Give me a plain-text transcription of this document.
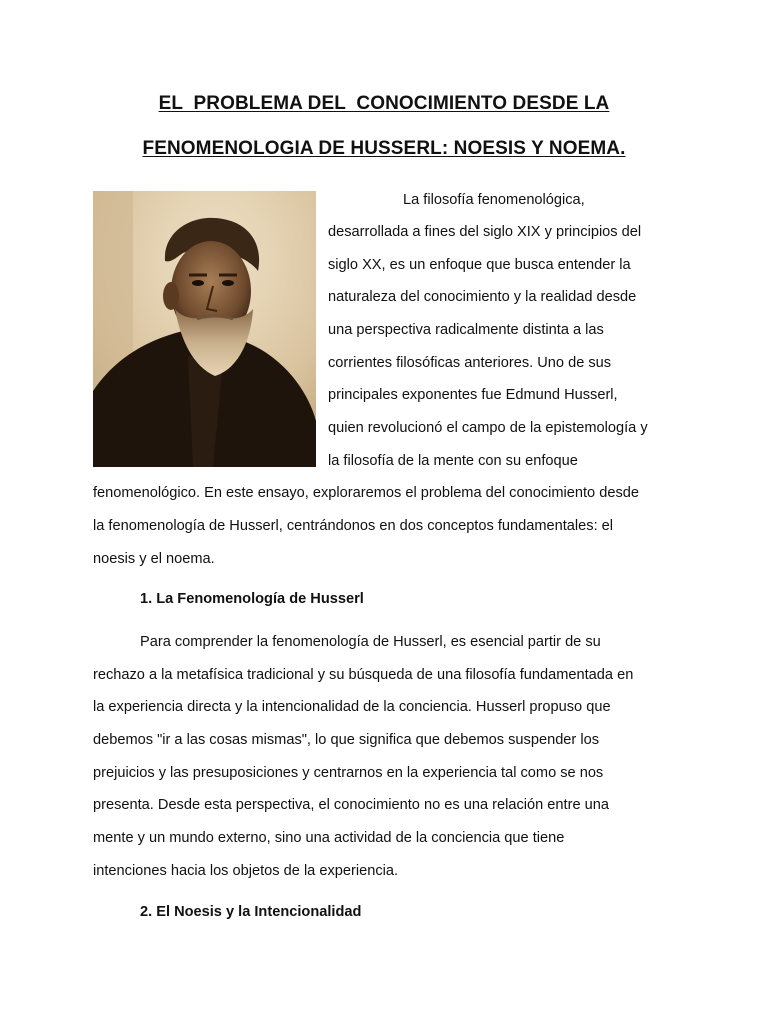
EL  PROBLEMA DEL  CONOCIMIENTO DESDE LA
FENOMENOLOGIA DE HUSSERL: NOESIS Y NOEMA.
La filosofía fenomenológica,
desarrollada a fines del siglo XIX y principios del
siglo XX, es un enfoque que busca entender la
naturaleza del conocimiento y la realidad desde
una perspectiva radicalmente distinta a las
corrientes filosóficas anteriores. Uno de sus
principales exponentes fue Edmund Husserl,
quien revolucionó el campo de la epistemología y
la filosofía de la mente con su enfoque
fenomenológico. En este ensayo, exploraremos el problema del conocimiento desde
la fenomenología de Husserl, centrándonos en dos conceptos fundamentales: el
noesis y el noema.
1. La Fenomenología de Husserl
Para comprender la fenomenología de Husserl, es esencial partir de su
rechazo a la metafísica tradicional y su búsqueda de una filosofía fundamentada en
la experiencia directa y la intencionalidad de la conciencia. Husserl propuso que
debemos "ir a las cosas mismas", lo que significa que debemos suspender los
prejuicios y las presuposiciones y centrarnos en la experiencia tal como se nos
presenta. Desde esta perspectiva, el conocimiento no es una relación entre una
mente y un mundo externo, sino una actividad de la conciencia que tiene
intenciones hacia los objetos de la experiencia.
2. El Noesis y la Intencionalidad
